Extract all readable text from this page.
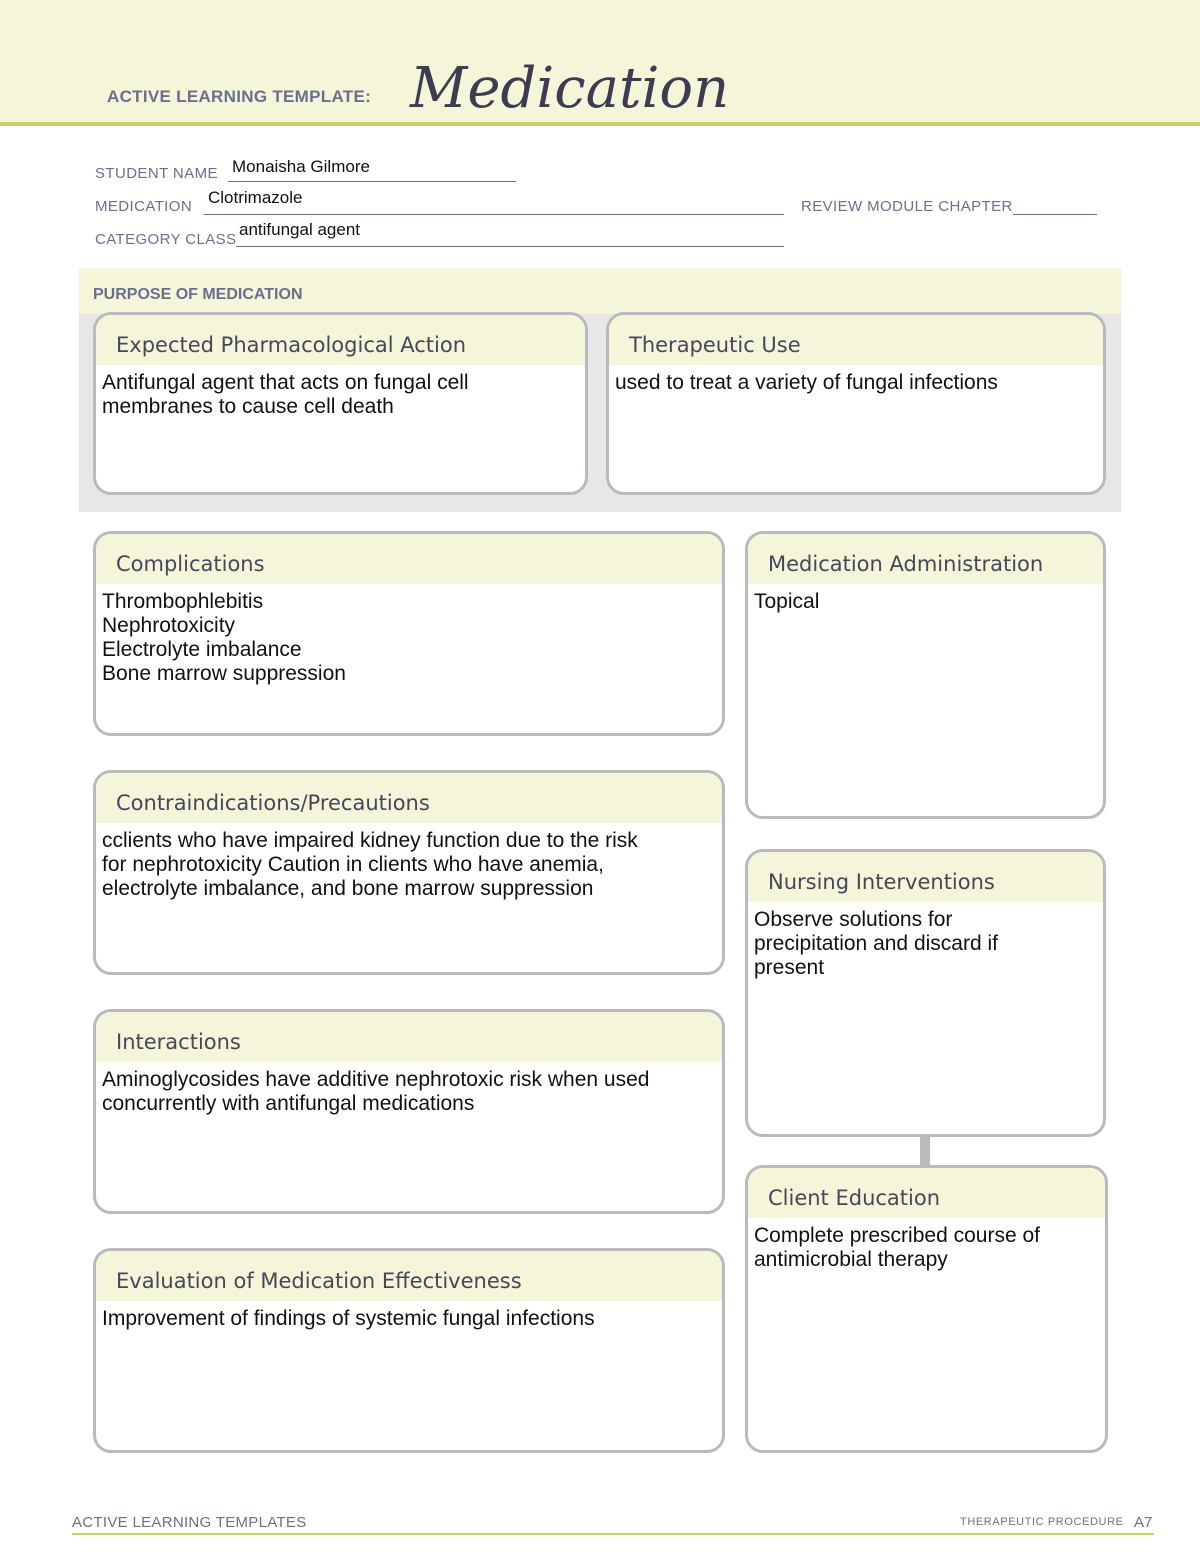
ACTIVE LEARNING TEMPLATE: Medication
STUDENT NAME Monaisha Gilmore
MEDICATION Clotrimazole	REVIEW MODULE CHAPTER
CATEGORY CLASS
antifungal agent
PURPOSE OF MEDICATION
Expected Pharmacological Action
Antifungal agent that acts on fungal cell
membranes to cause cell death
Therapeutic Use
used to treat a variety of fungal infections
Complications
Thrombophlebitis
Nephrotoxicity
Electrolyte imbalance
Bone marrow suppression
Contraindications/Precautions
cclients who have impaired kidney function due to the risk
for nephrotoxicity Caution in clients who have anemia,
electrolyte imbalance, and bone marrow suppression
Interactions
Aminoglycosides have additive nephrotoxic risk when used
concurrently with antifungal medications
Evaluation of Medication Effectiveness
Improvement of findings of systemic fungal infections
Medication Administration
Topical
Nursing Interventions
Observe solutions for
precipitation and discard if
present
Client Education
Complete prescribed course of
antimicrobial therapy
ACTIVE LEARNING TEMPLATES	THERAPEUTIC PROCEDURE A7
